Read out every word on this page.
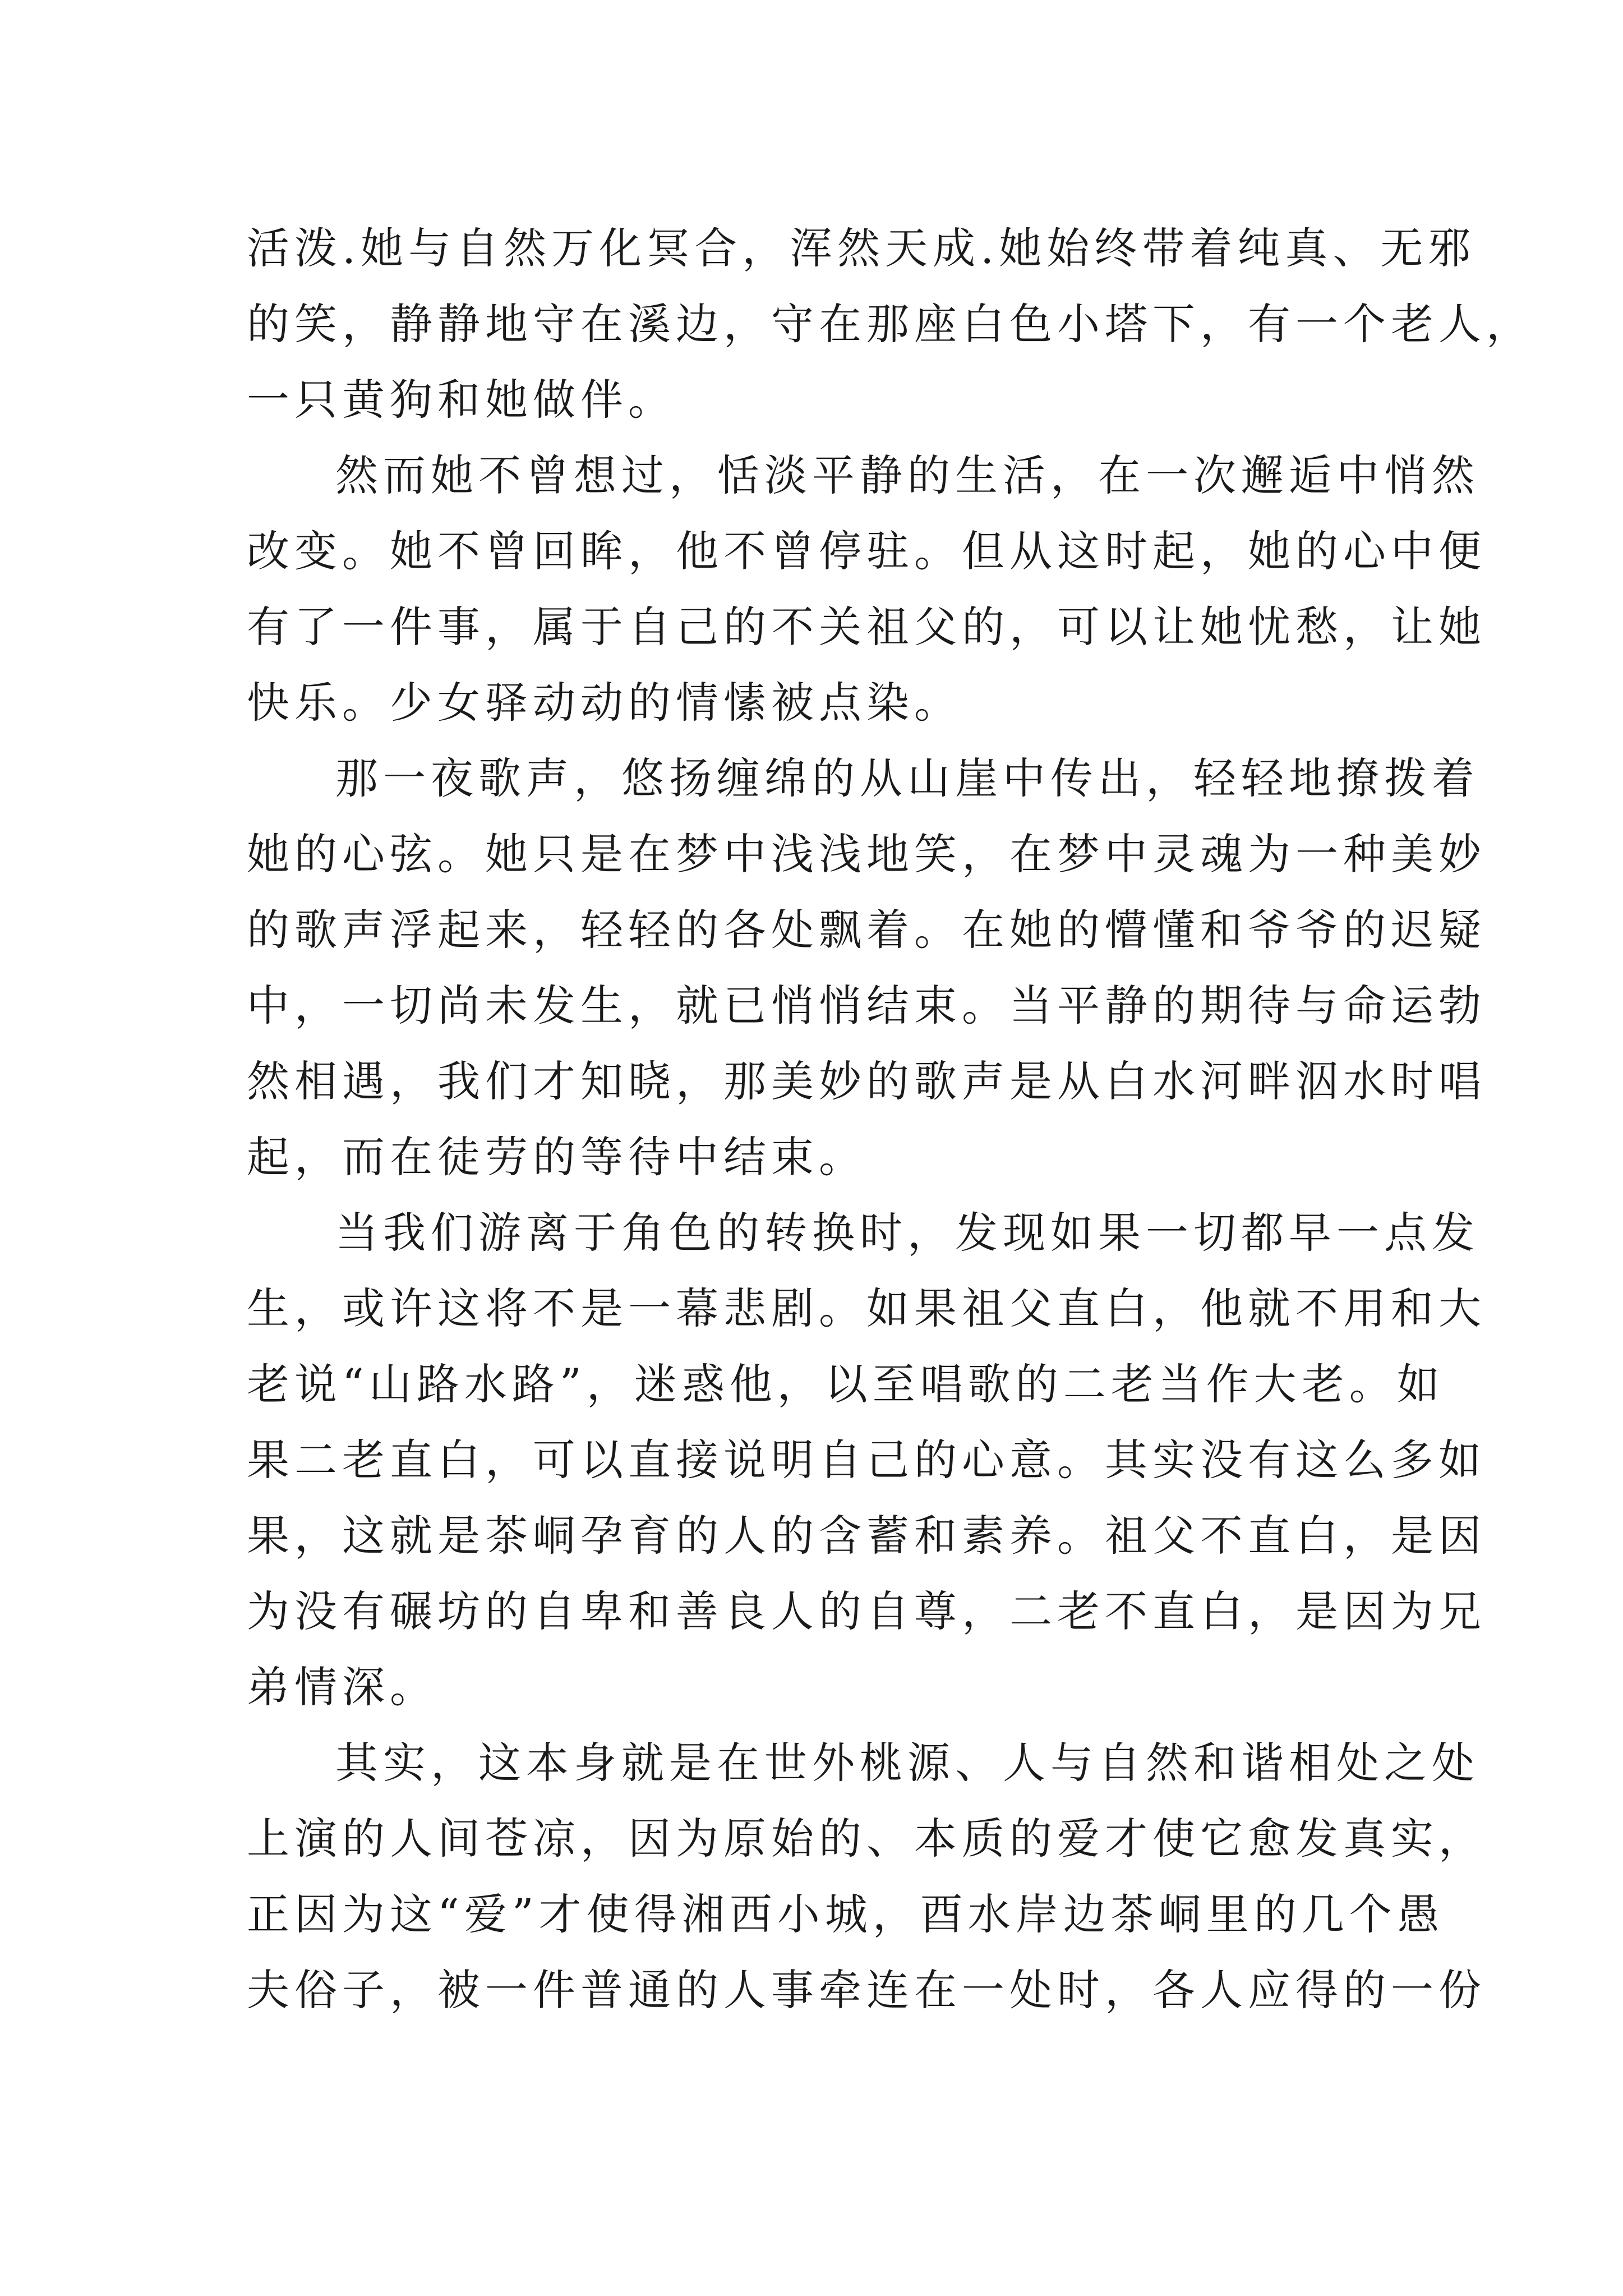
活泼.她与自然万化冥合，浑然天成.她始终带着纯真、无邪
的笑，静静地守在溪边，守在那座白色小塔下，有一个老人，
一只黄狗和她做伴。
然而她不曾想过，恬淡平静的生活，在一次邂逅中悄然
改变。她不曾回眸，他不曾停驻。但从这时起，她的心中便
有了一件事，属于自己的不关祖父的，可以让她忧愁，让她
快乐。少女驿动动的情愫被点染。
那一夜歌声，悠扬缠绵的从山崖中传出，轻轻地撩拨着
她的心弦。她只是在梦中浅浅地笑，在梦中灵魂为一种美妙
的歌声浮起来，轻轻的各处飘着。在她的懵懂和爷爷的迟疑
中，一切尚未发生，就已悄悄结束。当平静的期待与命运勃
然相遇，我们才知晓，那美妙的歌声是从白水河畔泅水时唱
起，而在徒劳的等待中结束。
当我们游离于角色的转换时，发现如果一切都早一点发
生，或许这将不是一幕悲剧。如果祖父直白，他就不用和大
老说“山路水路”，迷惑他，以至唱歌的二老当作大老。如
果二老直白，可以直接说明自己的心意。其实没有这么多如
果，这就是茶峒孕育的人的含蓄和素养。祖父不直白，是因
为没有碾坊的自卑和善良人的自尊，二老不直白，是因为兄
弟情深。
其实，这本身就是在世外桃源、人与自然和谐相处之处
上演的人间苍凉，因为原始的、本质的爱才使它愈发真实，
正因为这“爱”才使得湘西小城，酉水岸边茶峒里的几个愚
夫俗子，被一件普通的人事牵连在一处时，各人应得的一份
